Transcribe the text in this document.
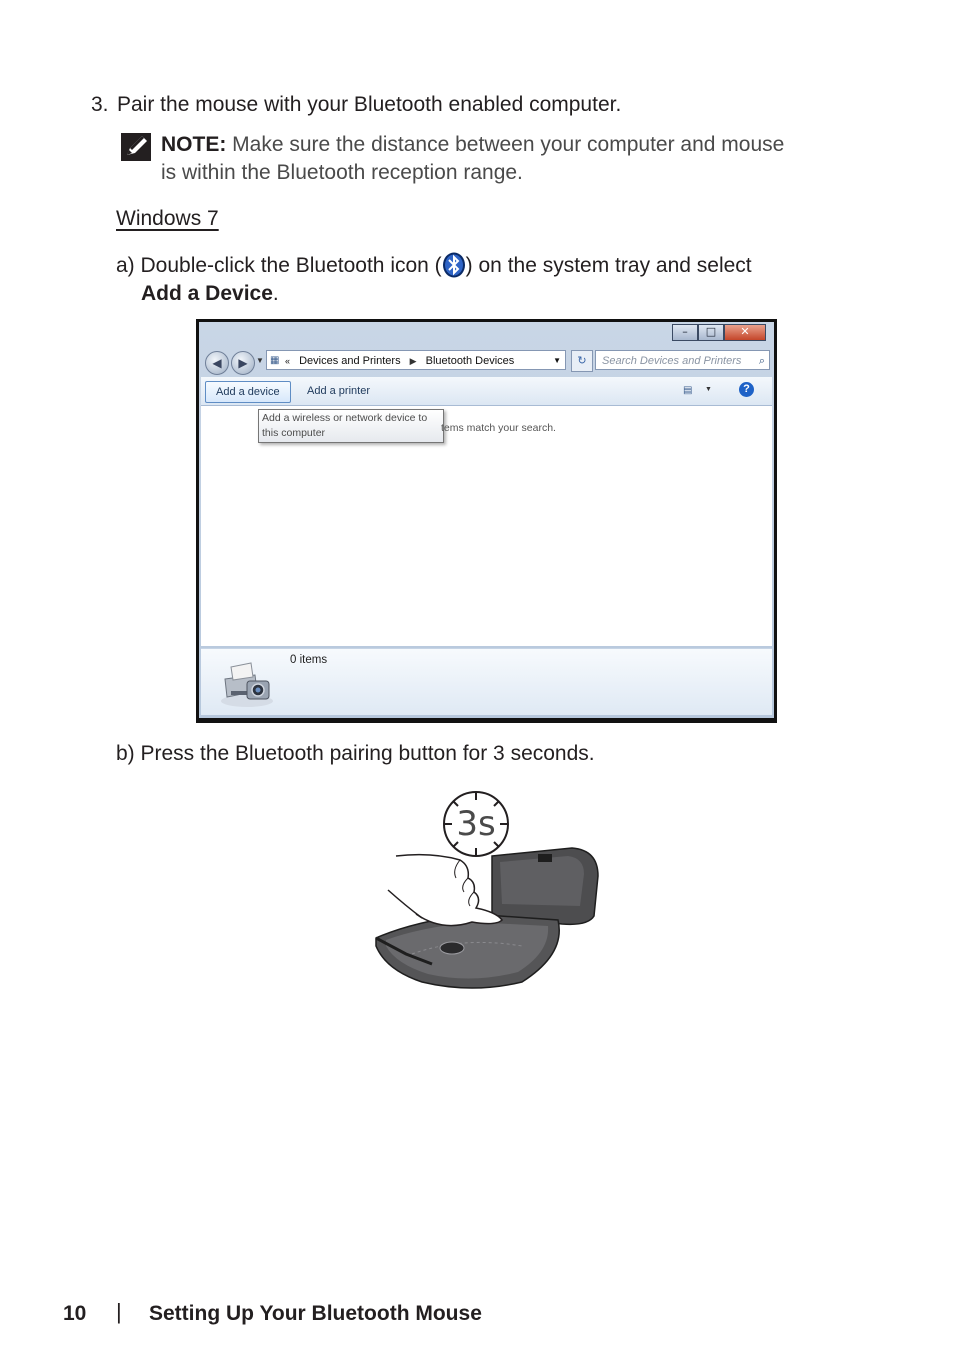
3. Pair the mouse with your Bluetooth enabled computer.
NOTE: Make sure the distance between your computer and mouse
is within the Bluetooth reception range.
Windows 7
a) Double-click the Bluetooth icon ( ) on the system tray and select
Add a Device.
–	□	✕
◀	▶	▼ ▦ « Devices and Printers ▶ Bluetooth Devices	▼	↻	Search Devices and Printers ⌕
Add a device	Add a printer	▤ ▼	?
Add a wireless or network device to
this computer	tems match your search.
0 items
b) Press the Bluetooth pairing button for 3 seconds.
3s
10 | Setting Up Your Bluetooth Mouse
